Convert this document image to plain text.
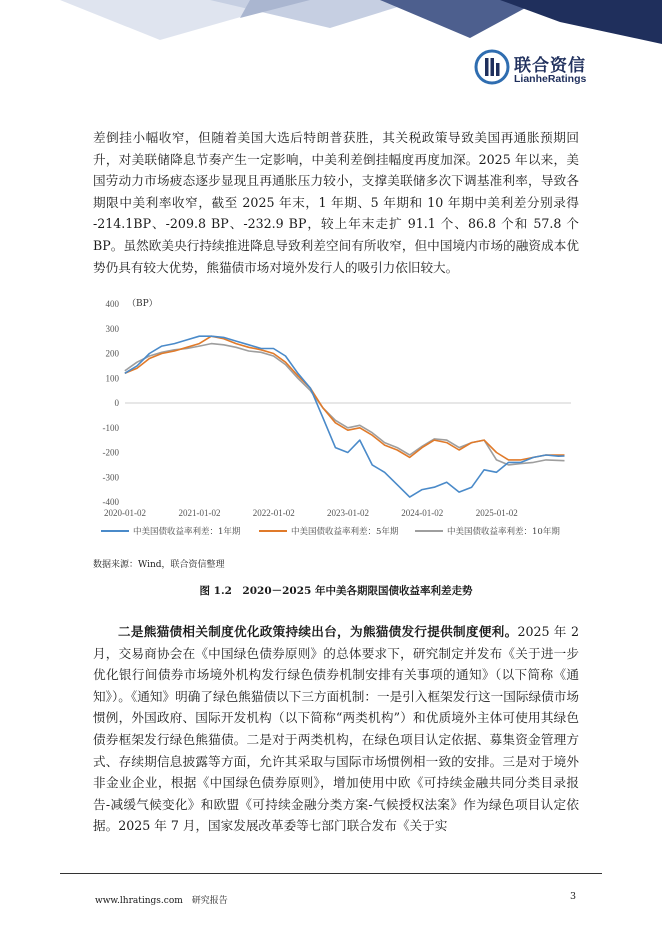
联合资信
LianheRatings

差倒挂小幅收窄，但随着美国大选后特朗普获胜，其关税政策导致美国再通胀预期回升，对美联储降息节奏产生一定影响，中美利差倒挂幅度再度加深。2025 年以来，美国劳动力市场疲态逐步显现且再通胀压力较小，支撑美联储多次下调基准利率，导致各期限中美利率收窄，截至 2025 年末，1 年期、5 年期和 10 年期中美利差分别录得 -214.1BP、-209.8 BP、-232.9 BP，较上年末走扩 91.1 个、86.8 个和 57.8 个 BP。虽然欧美央行持续推进降息导致利差空间有所收窄，但中国境内市场的融资成本优势仍具有较大优势，熊猫债市场对境外发行人的吸引力依旧较大。

400
300
200
100
0
-100
-200
-300
-400
（BP）
2020-01-02	2021-01-02	2022-01-02	2023-01-02	2024-01-02	2025-01-02
中美国债收益率利差：1年期	中美国债收益率利差：5年期	中美国债收益率利差：10年期
数据来源：Wind，联合资信整理
图 1.2　2020－2025 年中美各期限国债收益率利差走势

二是熊猫债相关制度优化政策持续出台，为熊猫债发行提供制度便利。2025 年 2 月，交易商协会在《中国绿色债券原则》的总体要求下，研究制定并发布《关于进一步优化银行间债券市场境外机构发行绿色债券机制安排有关事项的通知》（以下简称《通知》）。《通知》明确了绿色熊猫债以下三方面机制：一是引入框架发行这一国际绿债市场惯例，外国政府、国际开发机构（以下简称“两类机构”）和优质境外主体可使用其绿色债券框架发行绿色熊猫债。二是对于两类机构，在绿色项目认定依据、募集资金管理方式、存续期信息披露等方面，允许其采取与国际市场惯例相一致的安排。三是对于境外非金业企业，根据《中国绿色债券原则》，增加使用中欧《可持续金融共同分类目录报告-减缓气候变化》和欧盟《可持续金融分类方案-气候授权法案》作为绿色项目认定依据。2025 年 7 月，国家发展改革委等七部门联合发布《关于实

www.lhratings.com　研究报告	3
